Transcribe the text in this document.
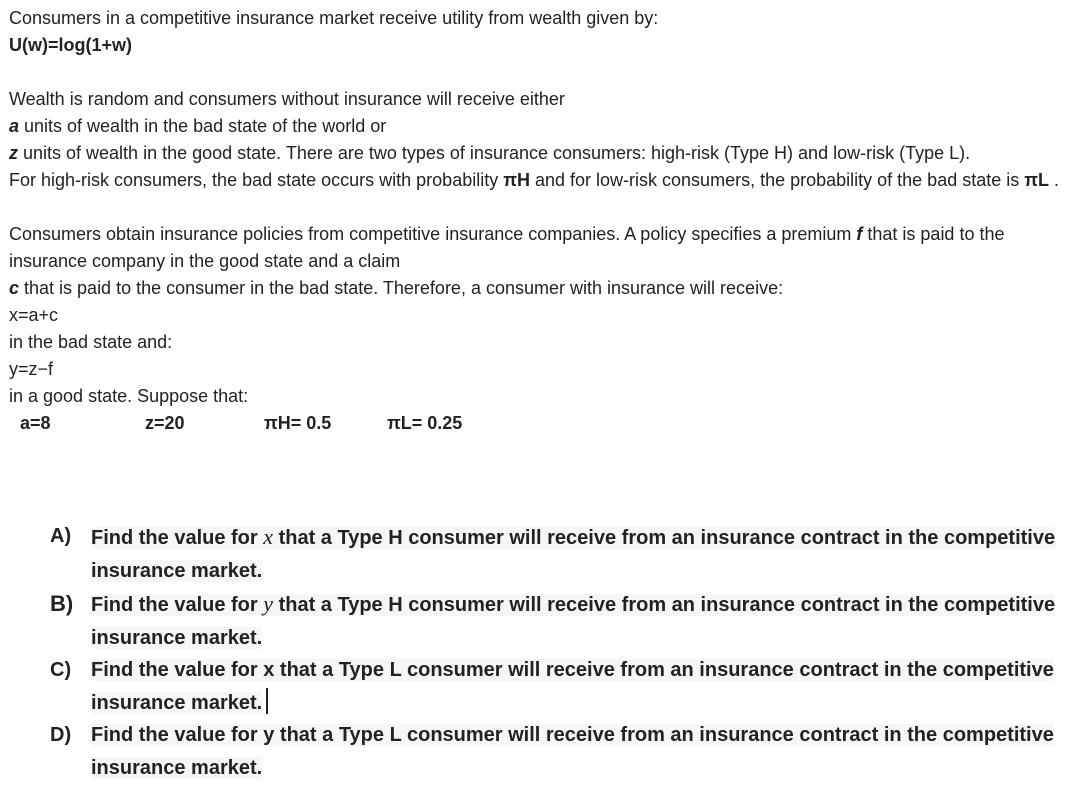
Consumers in a competitive insurance market receive utility from wealth given by:

U(w)=log(1+w)

Wealth is random and consumers without insurance will receive either

a units of wealth in the bad state of the world or

z units of wealth in the good state. There are two types of insurance consumers: high-risk (Type H) and low-risk (Type L).

For high-risk consumers, the bad state occurs with probability πH and for low-risk consumers, the probability of the bad state is πL .

Consumers obtain insurance policies from competitive insurance companies. A policy specifies a premium f that is paid to the insurance company in the good state and a claim

c that is paid to the consumer in the bad state. Therefore, a consumer with insurance will receive:

x=a+c

in the bad state and:

y=z−f

in a good state. Suppose that:

a=8	z=20	πH= 0.5	πL= 0.25
A) Find the value for x that a Type H consumer will receive from an insurance contract in the competitive insurance market.
B) Find the value for y that a Type H consumer will receive from an insurance contract in the competitive insurance market.
C) Find the value for x that a Type L consumer will receive from an insurance contract in the competitive insurance market.
D) Find the value for y that a Type L consumer will receive from an insurance contract in the competitive insurance market.
